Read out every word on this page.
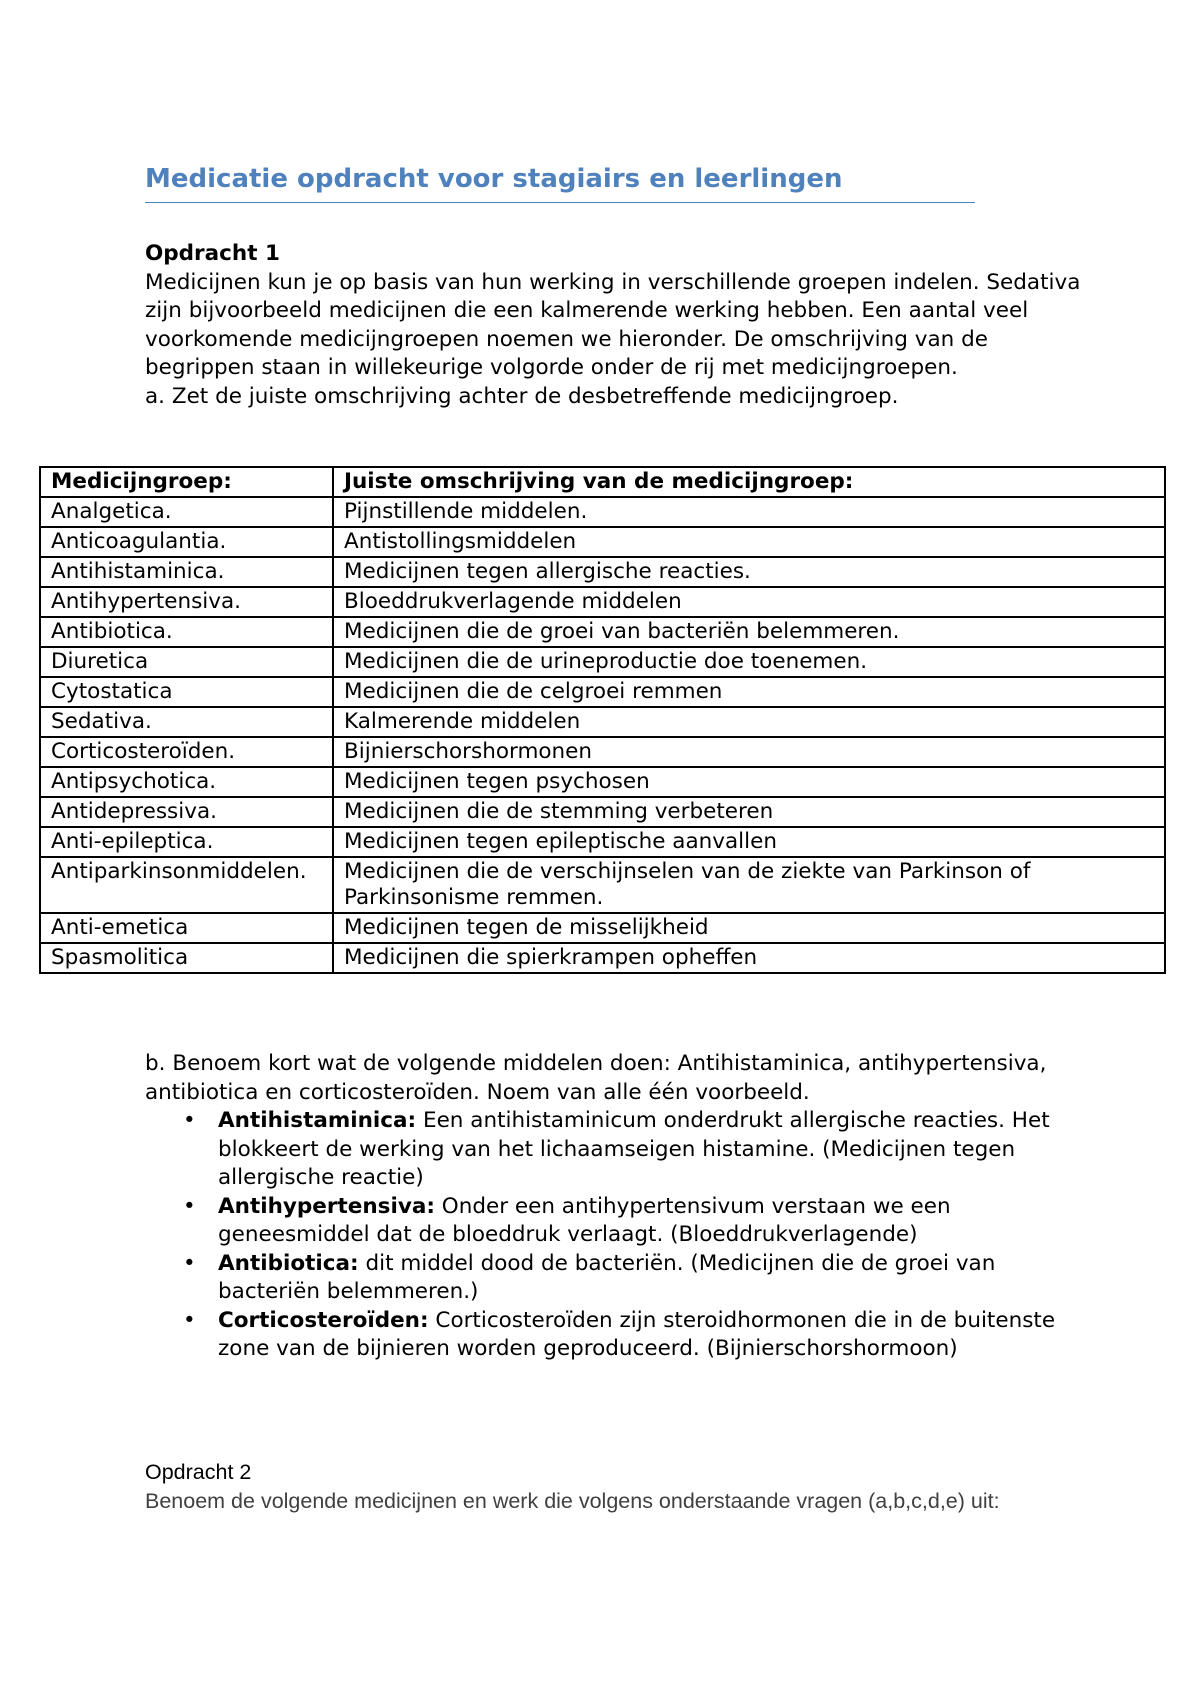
Medicatie opdracht voor stagiairs en leerlingen

Opdracht 1

Medicijnen kun je op basis van hun werking in verschillende groepen indelen. Sedativa zijn bijvoorbeeld medicijnen die een kalmerende werking hebben. Een aantal veel voorkomende medicijngroepen noemen we hieronder. De omschrijving van de begrippen staan in willekeurige volgorde onder de rij met medicijngroepen.

a. Zet de juiste omschrijving achter de desbetreffende medicijngroep.

Medicijngroep:	Juiste omschrijving van de medicijngroep:
Analgetica.	Pijnstillende middelen.
Anticoagulantia.	Antistollingsmiddelen
Antihistaminica.	Medicijnen tegen allergische reacties.
Antihypertensiva.	Bloeddrukverlagende middelen
Antibiotica.	Medicijnen die de groei van bacteriën belemmeren.
Diuretica	Medicijnen die de urineproductie doe toenemen.
Cytostatica	Medicijnen die de celgroei remmen
Sedativa.	Kalmerende middelen
Corticosteroïden.	Bijnierschorshormonen
Antipsychotica.	Medicijnen tegen psychosen
Antidepressiva.	Medicijnen die de stemming verbeteren
Anti-epileptica.	Medicijnen tegen epileptische aanvallen
Antiparkinsonmiddelen.	Medicijnen die de verschijnselen van de ziekte van Parkinson of Parkinsonisme remmen.
Anti-emetica	Medicijnen tegen de misselijkheid
Spasmolitica	Medicijnen die spierkrampen opheffen

b. Benoem kort wat de volgende middelen doen: Antihistaminica, antihypertensiva, antibiotica en corticosteroïden. Noem van alle één voorbeeld.

• Antihistaminica: Een antihistaminicum onderdrukt allergische reacties. Het blokkeert de werking van het lichaamseigen histamine. (Medicijnen tegen allergische reactie)
• Antihypertensiva: Onder een antihypertensivum verstaan we een geneesmiddel dat de bloeddruk verlaagt. (Bloeddrukverlagende)
• Antibiotica: dit middel dood de bacteriën. (Medicijnen die de groei van bacteriën belemmeren.)
• Corticosteroïden: Corticosteroïden zijn steroidhormonen die in de buitenste zone van de bijnieren worden geproduceerd. (Bijnierschorshormoon)

Opdracht 2

Benoem de volgende medicijnen en werk die volgens onderstaande vragen (a,b,c,d,e) uit:
